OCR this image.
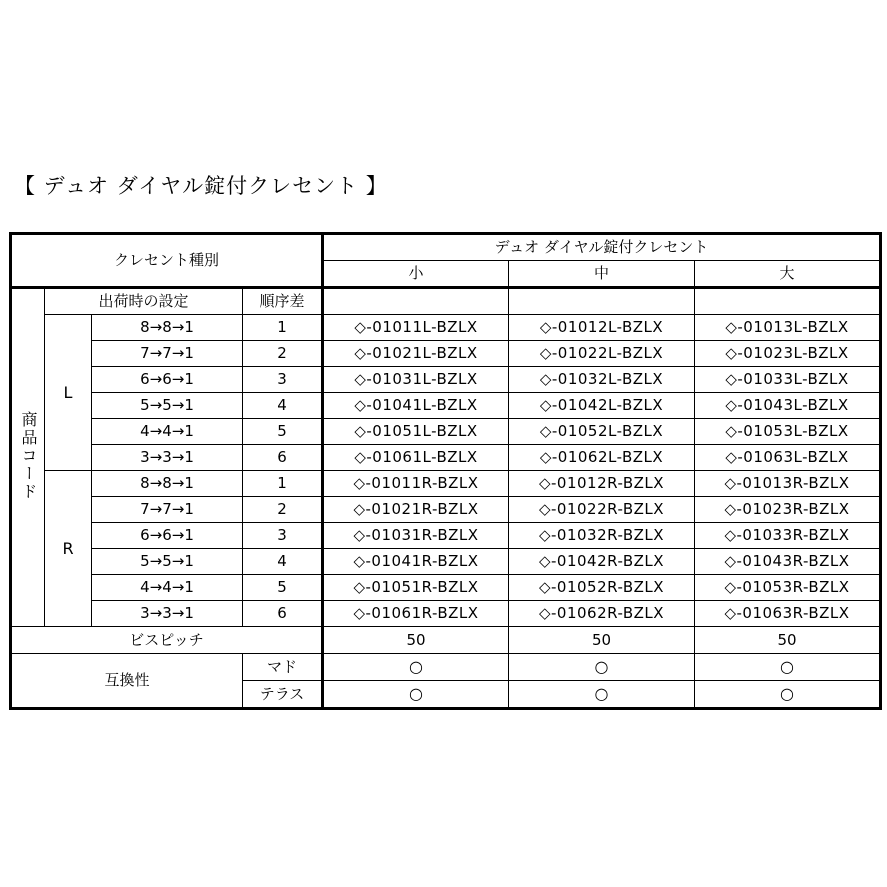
【 デュオ ダイヤル錠付クレセント 】
クレセント種別				デュオ ダイヤル錠付クレセント		
				小	中	大
商品コード	出荷時の設定		順序差			
	L	8→8→1	1	◇-01011L-BZLX	◇-01012L-BZLX	◇-01013L-BZLX
		7→7→1	2	◇-01021L-BZLX	◇-01022L-BZLX	◇-01023L-BZLX
		6→6→1	3	◇-01031L-BZLX	◇-01032L-BZLX	◇-01033L-BZLX
		5→5→1	4	◇-01041L-BZLX	◇-01042L-BZLX	◇-01043L-BZLX
		4→4→1	5	◇-01051L-BZLX	◇-01052L-BZLX	◇-01053L-BZLX
		3→3→1	6	◇-01061L-BZLX	◇-01062L-BZLX	◇-01063L-BZLX
	R	8→8→1	1	◇-01011R-BZLX	◇-01012R-BZLX	◇-01013R-BZLX
		7→7→1	2	◇-01021R-BZLX	◇-01022R-BZLX	◇-01023R-BZLX
		6→6→1	3	◇-01031R-BZLX	◇-01032R-BZLX	◇-01033R-BZLX
		5→5→1	4	◇-01041R-BZLX	◇-01042R-BZLX	◇-01043R-BZLX
		4→4→1	5	◇-01051R-BZLX	◇-01052R-BZLX	◇-01053R-BZLX
		3→3→1	6	◇-01061R-BZLX	◇-01062R-BZLX	◇-01063R-BZLX
ビスピッチ				50	50	50
互換性			マド	○	○	○
			テラス	○	○	○
